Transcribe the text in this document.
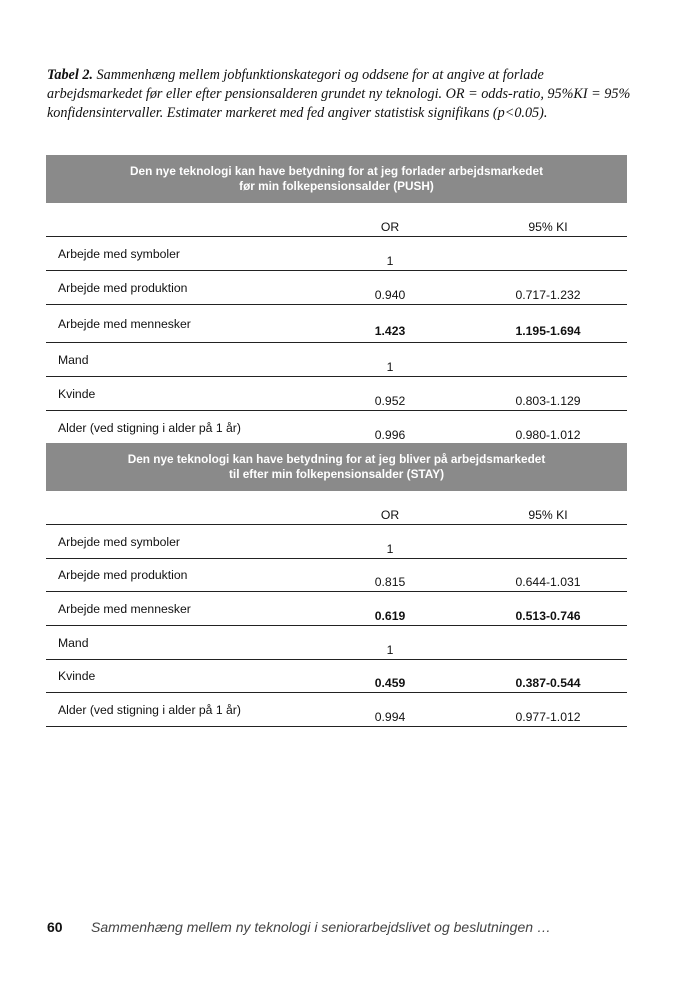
Tabel 2. Sammenhæng mellem jobfunktionskategori og oddsene for at angive at forlade arbejdsmarkedet før eller efter pensionsalderen grundet ny teknologi. OR = odds-ratio, 95%KI = 95% konfidensintervaller. Estimater markeret med fed angiver statistisk signifikans (p<0.05).
Den nye teknologi kan have betydning for at jeg forlader arbejdsmarkedet
før min folkepensionsalder (PUSH)
OR	95% KI
Arbejde med symboler	1
Arbejde med produktion	0.940	0.717-1.232
Arbejde med mennesker	1.423	1.195-1.694
Mand	1
Kvinde	0.952	0.803-1.129
Alder (ved stigning i alder på 1 år)	0.996	0.980-1.012
Den nye teknologi kan have betydning for at jeg bliver på arbejdsmarkedet
til efter min folkepensionsalder (STAY)
OR	95% KI
Arbejde med symboler	1
Arbejde med produktion	0.815	0.644-1.031
Arbejde med mennesker	0.619	0.513-0.746
Mand	1
Kvinde	0.459	0.387-0.544
Alder (ved stigning i alder på 1 år)	0.994	0.977-1.012
60 Sammenhæng mellem ny teknologi i seniorarbejdslivet og beslutningen …
